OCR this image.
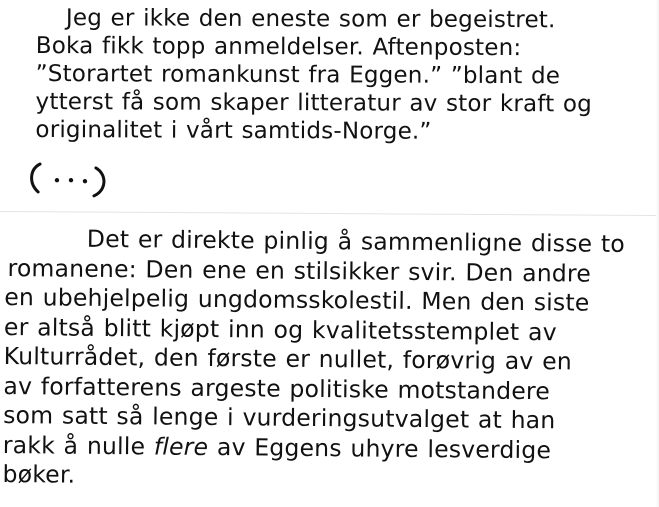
Jeg er ikke den eneste som er begeistret.
Boka fikk topp anmeldelser. Aftenposten:
”Storartet romankunst fra Eggen.” ”blant de
ytterst få som skaper litteratur av stor kraft og
originalitet i vårt samtids-Norge.”

Det er direkte pinlig å sammenligne disse to
romanene: Den ene en stilsikker svir. Den andre
en ubehjelpelig ungdomsskolestil. Men den siste
er altså blitt kjøpt inn og kvalitetsstemplet av
Kulturrådet, den første er nullet, forøvrig av en
av forfatterens argeste politiske motstandere
som satt så lenge i vurderingsutvalget at han
rakk å nulle flere av Eggens uhyre lesverdige
bøker.
